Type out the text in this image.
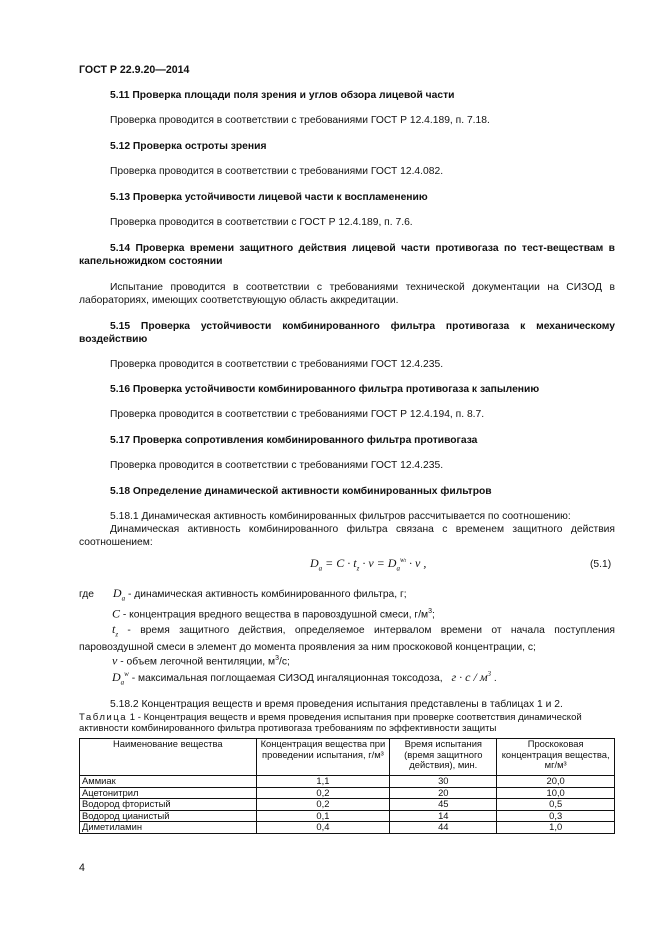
ГОСТ Р 22.9.20—2014
5.11 Проверка площади поля зрения и углов обзора лицевой части
Проверка проводится в соответствии с требованиями ГОСТ Р 12.4.189, п. 7.18.
5.12 Проверка остроты зрения
Проверка проводится в соответствии с требованиями ГОСТ 12.4.082.
5.13 Проверка устойчивости лицевой части к воспламенению
Проверка проводится в соответствии с ГОСТ Р 12.4.189, п. 7.6.
5.14 Проверка времени защитного действия лицевой части противогаза по тест-веществам в капельножидком состоянии
Испытание проводится в соответствии с требованиями технической документации на СИЗОД в лабораториях, имеющих соответствующую область аккредитации.
5.15 Проверка устойчивости комбинированного фильтра противогаза к механическому воздействию
Проверка проводится в соответствии с требованиями ГОСТ 12.4.235.
5.16 Проверка устойчивости комбинированного фильтра противогаза к запылению
Проверка проводится в соответствии с требованиями ГОСТ Р 12.4.194, п. 8.7.
5.17 Проверка сопротивления комбинированного фильтра противогаза
Проверка проводится в соответствии с требованиями ГОСТ 12.4.235.
5.18 Определение динамической активности комбинированных фильтров
5.18.1 Динамическая активность комбинированных фильтров рассчитывается по соотношению:
Динамическая активность комбинированного фильтра связана с временем защитного действия соотношением:
$D_a = C \cdot t_z \cdot v = D_a^{wt} \cdot v$ ,	(5.1)
где $D_a$ - динамическая активность комбинированного фильтра, г;
C - концентрация вредного вещества в паровоздушной смеси, $г/м^3$;
$t_z$ - время защитного действия, определяемое интервалом времени от начала поступления паровоздушной смеси в элемент до момента проявления за ним проскоковой концентрации, с;
v - объем легочной вентиляции, $м^3/с$;
$D_a^w$ - максимальная поглощаемая СИЗОД ингаляционная токсодоза, $г \cdot с / м^3$ .
5.18.2 Концентрация веществ и время проведения испытания представлены в таблицах 1 и 2.
Таблица 1 - Концентрация веществ и время проведения испытания при проверке соответствия динамической активности комбинированного фильтра противогаза требованиям по эффективности защиты
Наименование вещества	Концентрация вещества при проведении испытания, г/м³	Время испытания (время защитного действия), мин.	Проскоковая концентрация вещества, мг/м³
Аммиак	1,1	30	20,0
Ацетонитрил	0,2	20	10,0
Водород фтористый	0,2	45	0,5
Водород цианистый	0,1	14	0,3
Диметиламин	0,4	44	1,0
4
